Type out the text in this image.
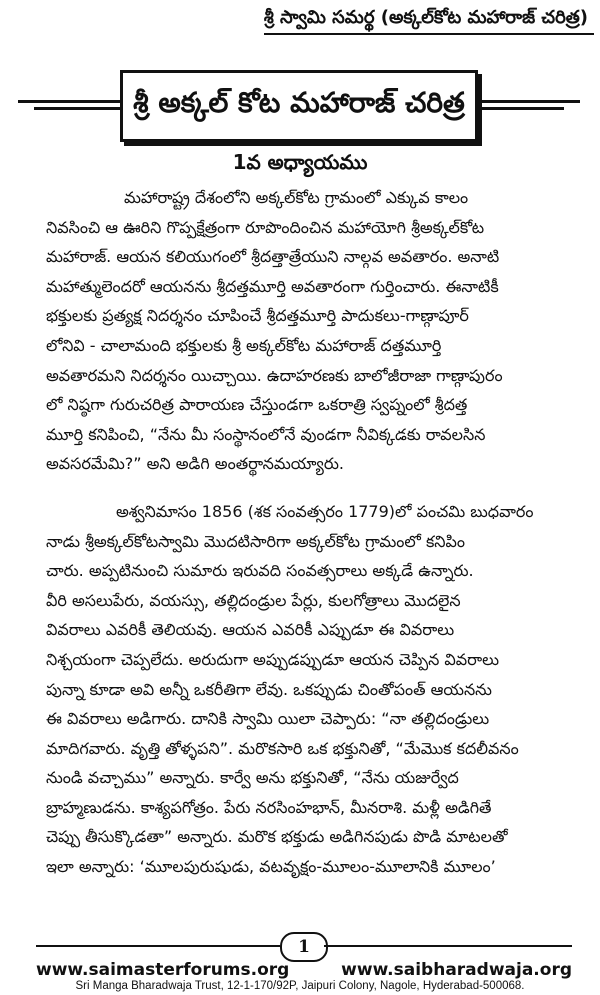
శ్రీ స్వామి సమర్థ (అక్కల్‌కోట మహారాజ్ చరిత్ర)
శ్రీ అక్కల్ కోట మహారాజ్ చరిత్ర
1వ అధ్యాయము
మహారాష్ట్ర దేశంలోని అక్కల్‌కోట గ్రామంలో ఎక్కువ కాలం
నివసించి ఆ ఊరిని గొప్పక్షేత్రంగా రూపొందించిన మహాయోగి శ్రీఅక్కల్‌కోట
మహారాజ్. ఆయన కలియుగంలో శ్రీదత్తాత్రేయుని నాల్గవ అవతారం. అనాటి
మహాత్ములెందరో ఆయనను శ్రీదత్తమూర్తి అవతారంగా గుర్తించారు. ఈనాటికీ
భక్తులకు ప్రత్యక్ష నిదర్శనం చూపించే శ్రీదత్తమూర్తి పాదుకలు-గాణ్గాపూర్
లోనివి - చాలామంది భక్తులకు శ్రీ అక్కల్‌కోట మహారాజ్ దత్తమూర్తి
అవతారమని నిదర్శనం యిచ్చాయి. ఉదాహరణకు బాలోజీరాజా గాణ్గాపురం
లో నిష్ఠగా గురుచరిత్ర పారాయణ చేస్తుండగా ఒకరాత్రి స్వప్నంలో శ్రీదత్త
మూర్తి కనిపించి, “నేను మీ సంస్థానంలోనే వుండగా నీవిక్కడకు రావలసిన
అవసరమేమి?” అని అడిగి అంతర్థానమయ్యారు.
అశ్వనిమాసం 1856 (శక సంవత్సరం 1779)లో పంచమి బుధవారం
నాడు శ్రీఅక్కల్‌కోటస్వామి మొదటిసారిగా అక్కల్‌కోట గ్రామంలో కనిపిం
చారు. అప్పటినుంచి సుమారు ఇరువది సంవత్సరాలు అక్కడే ఉన్నారు.
వీరి అసలుపేరు, వయస్సు, తల్లిదండ్రుల పేర్లు, కులగోత్రాలు మొదలైన
వివరాలు ఎవరికీ తెలియవు. ఆయన ఎవరికీ ఎప్పుడూ ఈ వివరాలు
నిశ్చయంగా చెప్పలేదు. అరుదుగా అప్పుడప్పుడూ ఆయన చెప్పిన వివరాలు
పున్నా కూడా అవి అన్నీ ఒకరీతిగా లేవు. ఒకప్పుడు చింతోపంత్ ఆయనను
ఈ వివరాలు అడిగారు. దానికి స్వామి యిలా చెప్పారు: “నా తల్లిదండ్రులు
మాదిగవారు. వృత్తి తోళ్ళపని”. మరొకసారి ఒక భక్తునితో, “మేమొక కదలీవనం
నుండి వచ్చాము” అన్నారు. కార్వే అను భక్తునితో, “నేను యజుర్వేద
బ్రాహ్మణుడను. కాశ్యపగోత్రం. పేరు నరసింహభాన్, మీనరాశి. మళ్లీ అడిగితే
చెప్పు తీసుక్కొడతా” అన్నారు. మరొక భక్తుడు అడిగినపుడు పొడి మాటలతో
ఇలా అన్నారు: ‘మూలపురుషుడు, వటవృక్షం-మూలం-మూలానికి మూలం’
1
www.saimasterforums.org	www.saibharadwaja.org
Sri Manga Bharadwaja Trust, 12-1-170/92P, Jaipuri Colony, Nagole, Hyderabad-500068.
